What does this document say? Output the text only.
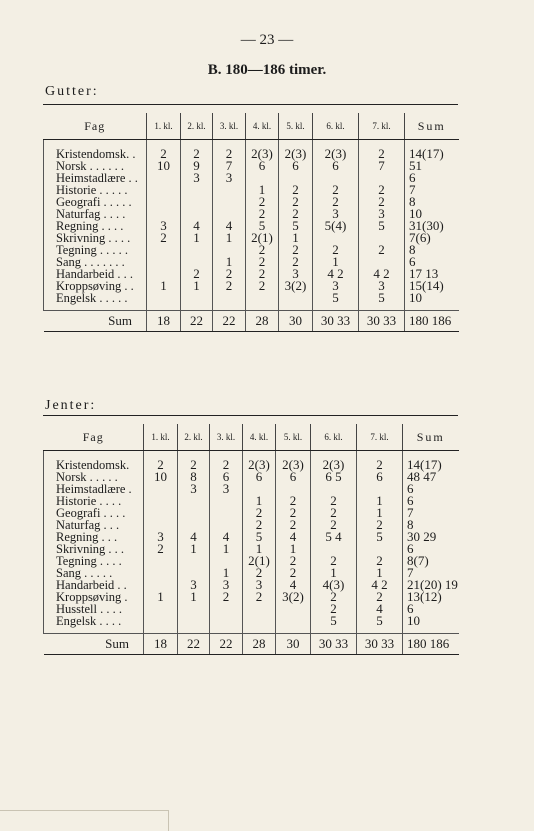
— 23 —
B. 180—186 timer.
Gutter:
Fag	1. kl.	2. kl.	3. kl.	4. kl.	5. kl.	6. kl.	7. kl.	Sum
Kristendomsk. .	2	2	2	2(3)	2(3)	2(3)	2	14(17)
Norsk . . . . . .	10	9	7	6	6	6	7	51
Heimstadlære . .		3	3					6
Historie . . . . .				1	2	2	2	7
Geografi . . . . .				2	2	2	2	8
Naturfag . . . .				2	2	3	3	10
Regning . . . .	3	4	4	5	5	5(4)	5	31(30)
Skrivning . . . .	2	1	1	2(1)	1			7(6)
Tegning . . . . .				2	2	2	2	8
Sang . . . . . . .			1	2	2	1		6
Handarbeid . . .		2	2	2	3	4 2	4 2	17 13
Kroppsøving . .	1	1	2	2	3(2)	3	3	15(14)
Engelsk . . . . .						5	5	10
Sum	18	22	22	28	30	30 33	30 33	180 186
Jenter:
Fag	1. kl.	2. kl.	3. kl.	4. kl.	5. kl.	6. kl.	7. kl.	Sum
Kristendomsk.	2	2	2	2(3)	2(3)	2(3)	2	14(17)
Norsk . . . . .	10	8	6	6	6	6 5	6	48 47
Heimstadlære .		3	3					6
Historie . . . .				1	2	2	1	6
Geografi . . . .				2	2	2	1	7
Naturfag . . .				2	2	2	2	8
Regning . . .	3	4	4	5	4	5 4	5	30 29
Skrivning . . .	2	1	1	1	1			6
Tegning . . . .				2(1)	2	2	2	8(7)
Sang . . . . .			1	2	2	1	1	7
Handarbeid . .		3	3	3	4	4(3)	4 2	21(20) 19
Kroppsøving .	1	1	2	2	3(2)	2	2	13(12)
Husstell . . . .						2	4	6
Engelsk . . . .						5	5	10
Sum	18	22	22	28	30	30 33	30 33	180 186
